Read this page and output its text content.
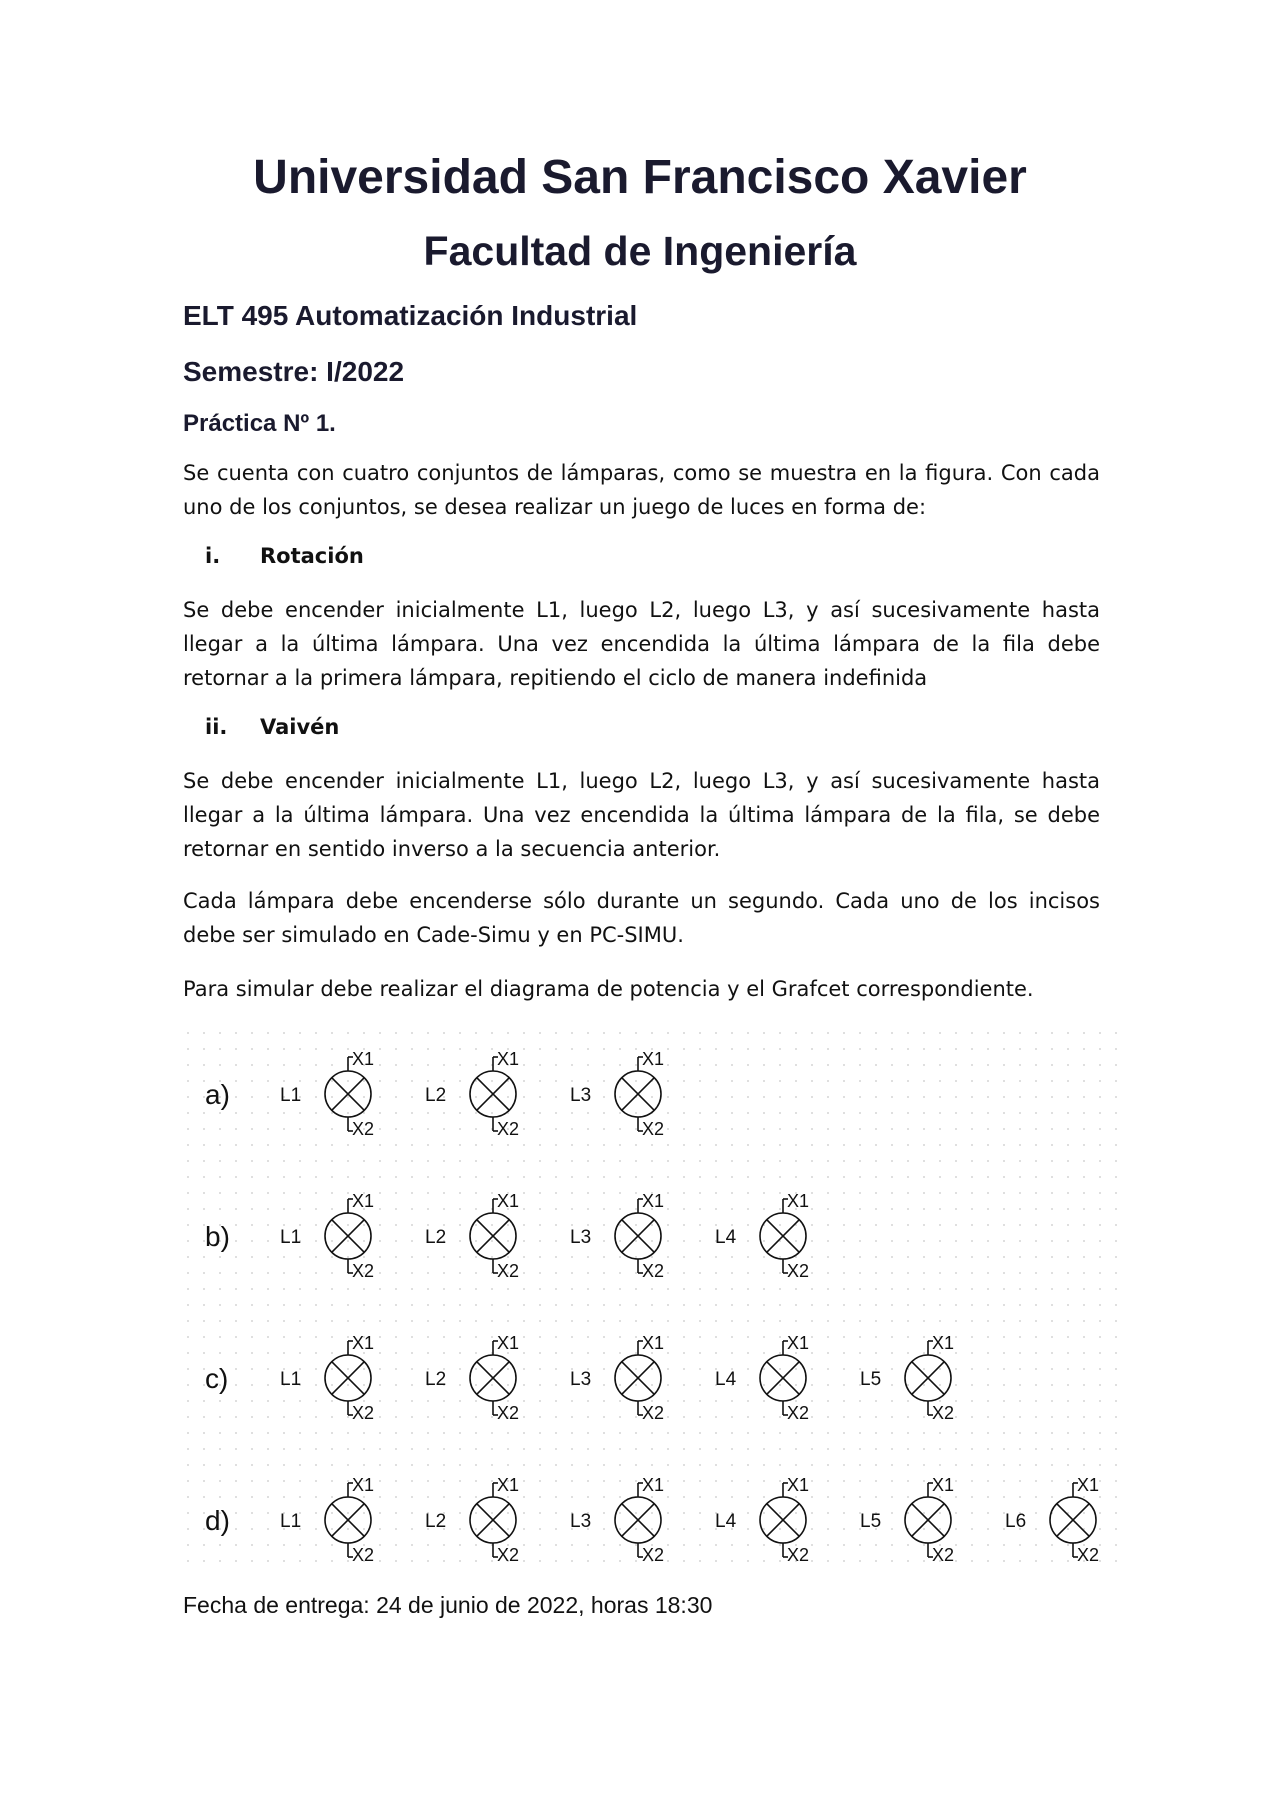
Universidad San Francisco Xavier
Facultad de Ingeniería
ELT 495 Automatización Industrial
Semestre: I/2022
Práctica Nº 1.

Se cuenta con cuatro conjuntos de lámparas, como se muestra en la figura. Con cada uno de los conjuntos, se desea realizar un juego de luces en forma de:

i. Rotación

Se debe encender inicialmente L1, luego L2, luego L3, y así sucesivamente hasta llegar a la última lámpara. Una vez encendida la última lámpara de la fila debe retornar a la primera lámpara, repitiendo el ciclo de manera indefinida

ii. Vaivén

Se debe encender inicialmente L1, luego L2, luego L3, y así sucesivamente hasta llegar a la última lámpara. Una vez encendida la última lámpara de la fila, se debe retornar en sentido inverso a la secuencia anterior.

Cada lámpara debe encenderse sólo durante un segundo. Cada uno de los incisos debe ser simulado en Cade-Simu y en PC-SIMU.

Para simular debe realizar el diagrama de potencia y el Grafcet correspondiente.

a)	L1
X1
X2
L2
X1
X2
L3
X1
X2
b)	L1
X1
X2
L2
X1
X2
L3
X1
X2
L4
X1
X2
c)	L1
X1
X2
L2
X1
X2
L3
X1
X2
L4
X1
X2
L5
X1
X2
d)	L1
X1
X2
L2
X1
X2
L3
X1
X2
L4
X1
X2
L5
X1
X2
L6
X1
X2

Fecha de entrega: 24 de junio de 2022, horas 18:30
